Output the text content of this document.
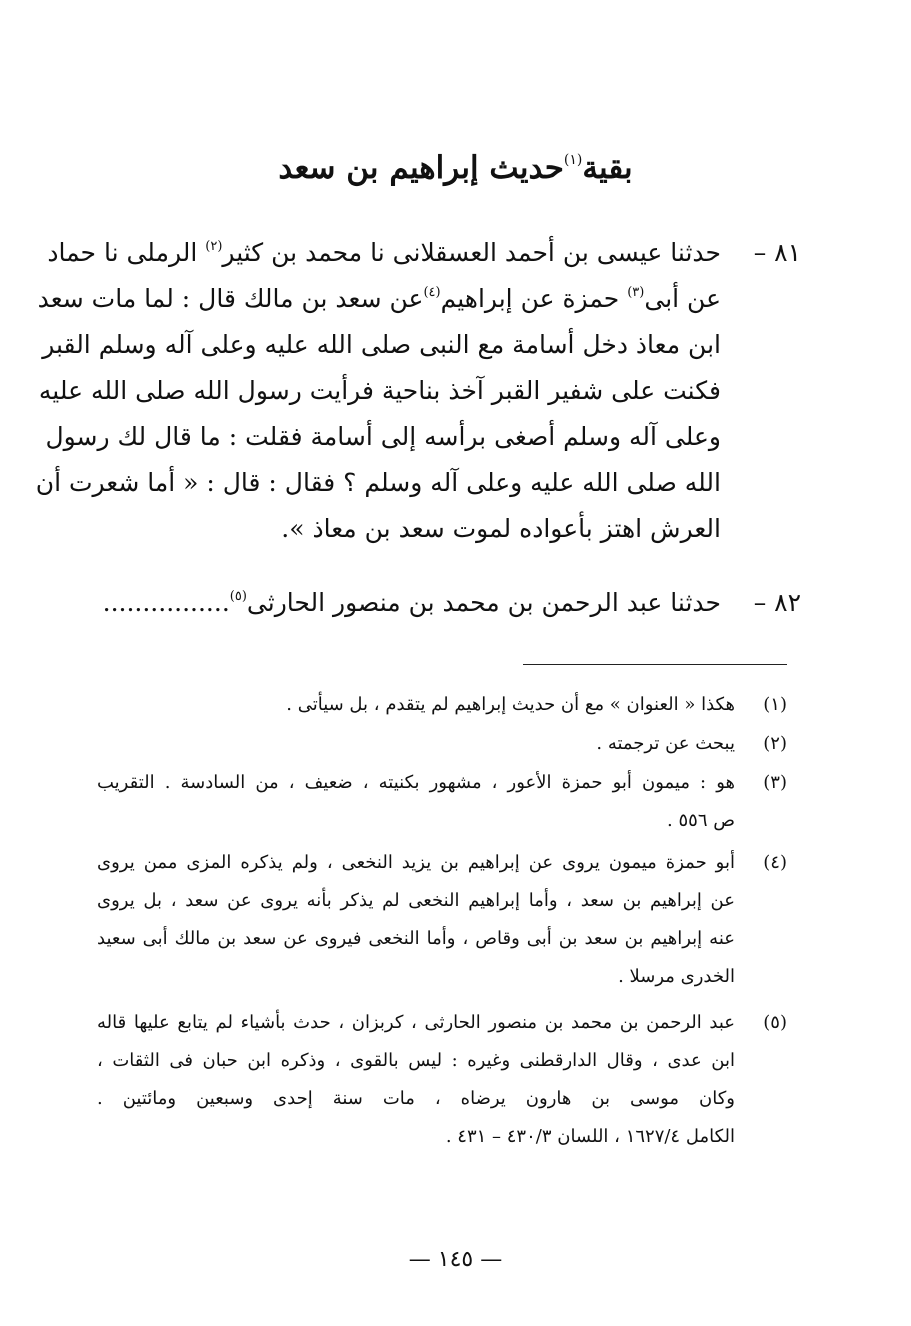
بقية$^{(١)}$حديث إبراهيم بن سعد
٨١ –
حدثنا عيسى بن أحمد العسقلانى نا محمد بن كثير$^{(٢)}$ الرملى نا حماد
عن أبى$^{(٣)}$ حمزة عن إبراهيم$^{(٤)}$عن سعد بن مالك قال : لما مات سعد
ابن معاذ دخل أسامة مع النبى صلى الله عليه وعلى آله وسلم القبر
فكنت على شفير القبر آخذ بناحية فرأيت رسول الله صلى الله عليه
وعلى آله وسلم أصغى برأسه إلى أسامة فقلت : ما قال لك رسول
الله صلى الله عليه وعلى آله وسلم ؟ فقال : قال : « أما شعرت أن
العرش اهتز بأعواده لموت سعد بن معاذ ».
٨٢ –
حدثنا عبد الرحمن بن محمد بن منصور الحارثى$^{(٥)}$................
(١)
هكذا « العنوان » مع أن حديث إبراهيم لم يتقدم ، بل سيأتى .
(٢)
يبحث عن ترجمته .
(٣)
هو : ميمون أبو حمزة الأعور ، مشهور بكنيته ، ضعيف ، من السادسة . التقريب
ص ٥٥٦ .
(٤)
أبو حمزة ميمون يروى عن إبراهيم بن يزيد النخعى ، ولم يذكره المزى ممن يروى
عن إبراهيم بن سعد ، وأما إبراهيم النخعى لم يذكر بأنه يروى عن سعد ، بل يروى
عنه إبراهيم بن سعد بن أبى وقاص ، وأما النخعى فيروى عن سعد بن مالك أبى سعيد
الخدرى مرسلا .
(٥)
عبد الرحمن بن محمد بن منصور الحارثى ، كربزان ، حدث بأشياء لم يتابع عليها قاله
ابن عدى ، وقال الدارقطنى وغيره : ليس بالقوى ، وذكره ابن حبان فى الثقات ،
وكان موسى بن هارون يرضاه ، مات سنة إحدى وسبعين ومائتين .
الكامل ١٦٢٧/٤ ، اللسان ٤٣٠/٣ – ٤٣١ .
— ١٤٥ —
